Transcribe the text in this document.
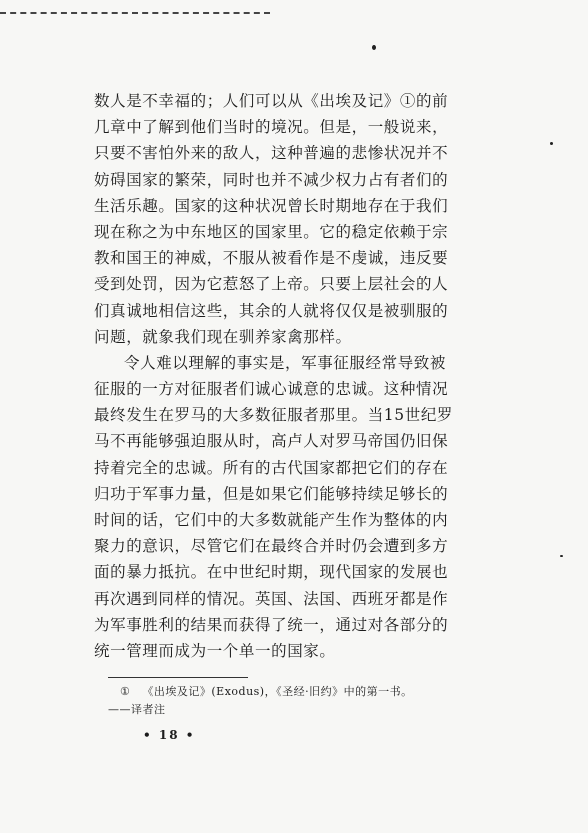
数人是不幸福的；人们可以从《出埃及记》①的前
几章中了解到他们当时的境况。但是，一般说来，
只要不害怕外来的敌人，这种普遍的悲惨状况并不
妨碍国家的繁荣，同时也并不减少权力占有者们的
生活乐趣。国家的这种状况曾长时期地存在于我们
现在称之为中东地区的国家里。它的稳定依赖于宗
教和国王的神威，不服从被看作是不虔诚，违反要
受到处罚，因为它惹怒了上帝。只要上层社会的人
们真诚地相信这些，其余的人就将仅仅是被驯服的
问题，就象我们现在驯养家禽那样。
令人难以理解的事实是，军事征服经常导致被
征服的一方对征服者们诚心诚意的忠诚。这种情况
最终发生在罗马的大多数征服者那里。当15世纪罗
马不再能够强迫服从时，高卢人对罗马帝国仍旧保
持着完全的忠诚。所有的古代国家都把它们的存在
归功于军事力量，但是如果它们能够持续足够长的
时间的话，它们中的大多数就能产生作为整体的内
聚力的意识，尽管它们在最终合并时仍会遭到多方
面的暴力抵抗。在中世纪时期，现代国家的发展也
再次遇到同样的情况。英国、法国、西班牙都是作
为军事胜利的结果而获得了统一，通过对各部分的
统一管理而成为一个单一的国家。
① 《出埃及记》(Exodus)，《圣经·旧约》中的第一书。
——译者注
• 18 •
